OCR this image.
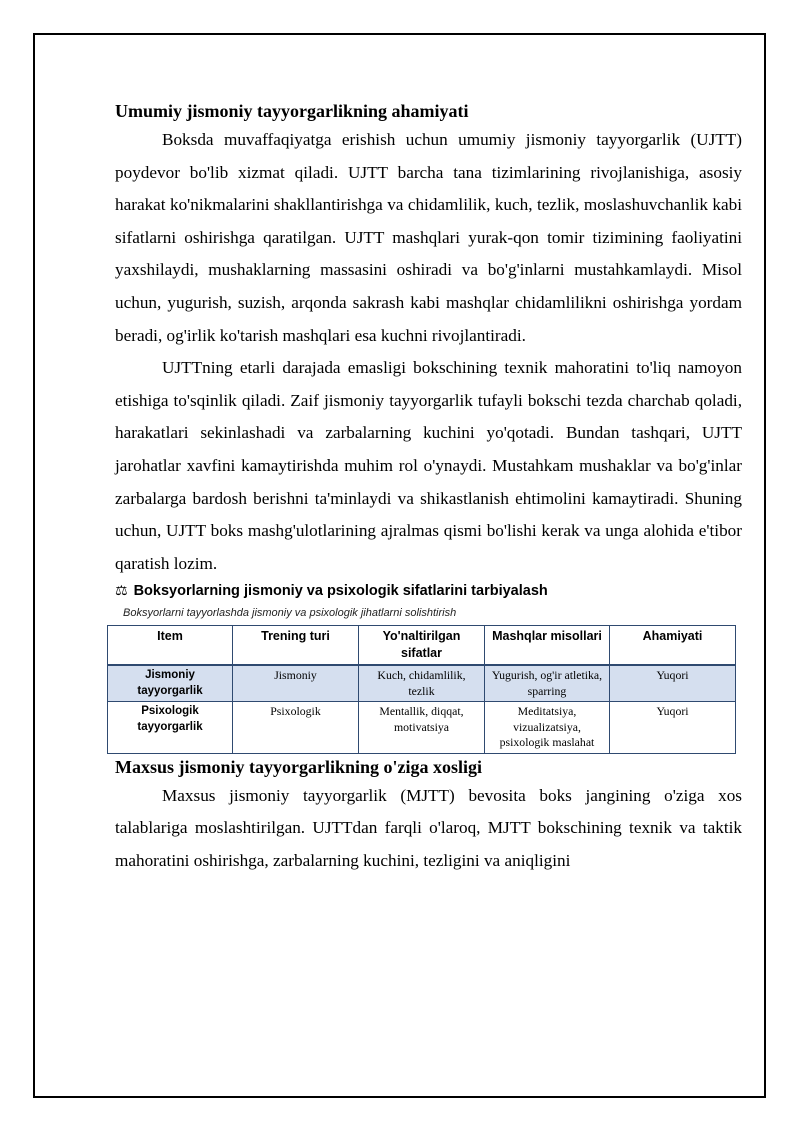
Umumiy jismoniy tayyorgarlikning ahamiyati

Boksda muvaffaqiyatga erishish uchun umumiy jismoniy tayyorgarlik (UJTT) poydevor bo'lib xizmat qiladi. UJTT barcha tana tizimlarining rivojlanishiga, asosiy harakat ko'nikmalarini shakllantirishga va chidamlilik, kuch, tezlik, moslashuvchanlik kabi sifatlarni oshirishga qaratilgan. UJTT mashqlari yurak-qon tomir tizimining faoliyatini yaxshilaydi, mushaklarning massasini oshiradi va bo'g'inlarni mustahkamlaydi. Misol uchun, yugurish, suzish, arqonda sakrash kabi mashqlar chidamlilikni oshirishga yordam beradi, og'irlik ko'tarish mashqlari esa kuchni rivojlantiradi.

UJTTning etarli darajada emasligi bokschining texnik mahoratini to'liq namoyon etishiga to'sqinlik qiladi. Zaif jismoniy tayyorgarlik tufayli bokschi tezda charchab qoladi, harakatlari sekinlashadi va zarbalarning kuchini yo'qotadi. Bundan tashqari, UJTT jarohatlar xavfini kamaytirishda muhim rol o'ynaydi. Mustahkam mushaklar va bo'g'inlar zarbalarga bardosh berishni ta'minlaydi va shikastlanish ehtimolini kamaytiradi. Shuning uchun, UJTT boks mashg'ulotlarining ajralmas qismi bo'lishi kerak va unga alohida e'tibor qaratish lozim.

⚖ Boksyorlarning jismoniy va psixologik sifatlarini tarbiyalash
Boksyorlarni tayyorlashda jismoniy va psixologik jihatlarni solishtirish
Item	Trening turi	Yo'naltirilgan sifatlar	Mashqlar misollari	Ahamiyati
Jismoniy tayyorgarlik	Jismoniy	Kuch, chidamlilik, tezlik	Yugurish, og'ir atletika, sparring	Yuqori
Psixologik tayyorgarlik	Psixologik	Mentallik, diqqat, motivatsiya	Meditatsiya, vizualizatsiya, psixologik maslahat	Yuqori
Maxsus jismoniy tayyorgarlikning o'ziga xosligi

Maxsus jismoniy tayyorgarlik (MJTT) bevosita boks jangining o'ziga xos talablariga moslashtirilgan. UJTTdan farqli o'laroq, MJTT bokschining texnik va taktik mahoratini oshirishga, zarbalarning kuchini, tezligini va aniqligini
